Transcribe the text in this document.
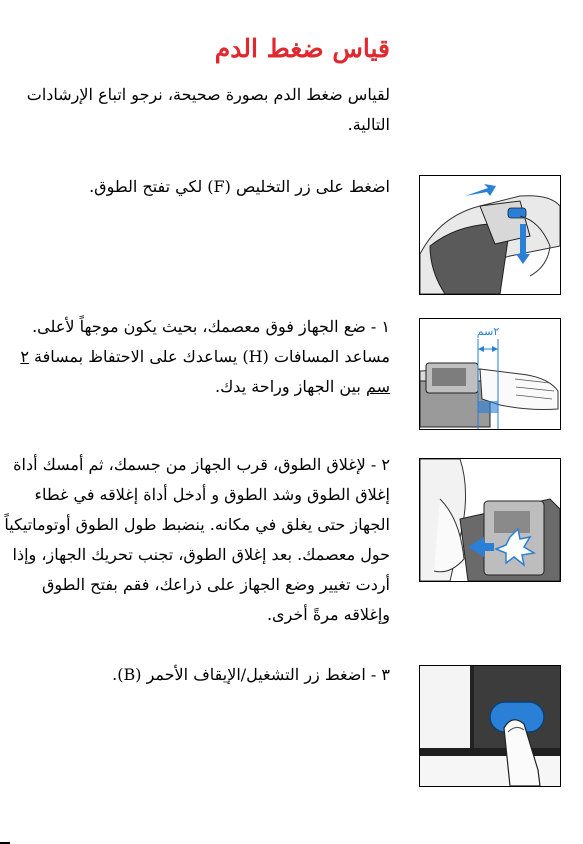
قياس ضغط الدم
لقياس ضغط الدم بصورة صحيحة، نرجو اتباع الإرشادات التالية.
اضغط على زر التخليص (F) لكي تفتح الطوق.
١ - ضع الجهاز فوق معصمك، بحيث يكون موجهاً لأعلى. مساعد المسافات (H) يساعدك على الاحتفاظ بمسافة ٢ سم بين الجهاز وراحة يدك.
٢سم
٢ - لإغلاق الطوق، قرب الجهاز من جسمك، ثم أمسك أداة إغلاق الطوق وشد الطوق و أدخل أداة إغلاقه في غطاء الجهاز حتى يغلق في مكانه. ينضبط طول الطوق أوتوماتيكياً حول معصمك. بعد إغلاق الطوق، تجنب تحريك الجهاز، وإذا أردت تغيير وضع الجهاز على ذراعك، فقم بفتح الطوق وإغلاقه مرةً أخرى.
٣ - اضغط زر التشغيل/الإيقاف الأحمر (B).
